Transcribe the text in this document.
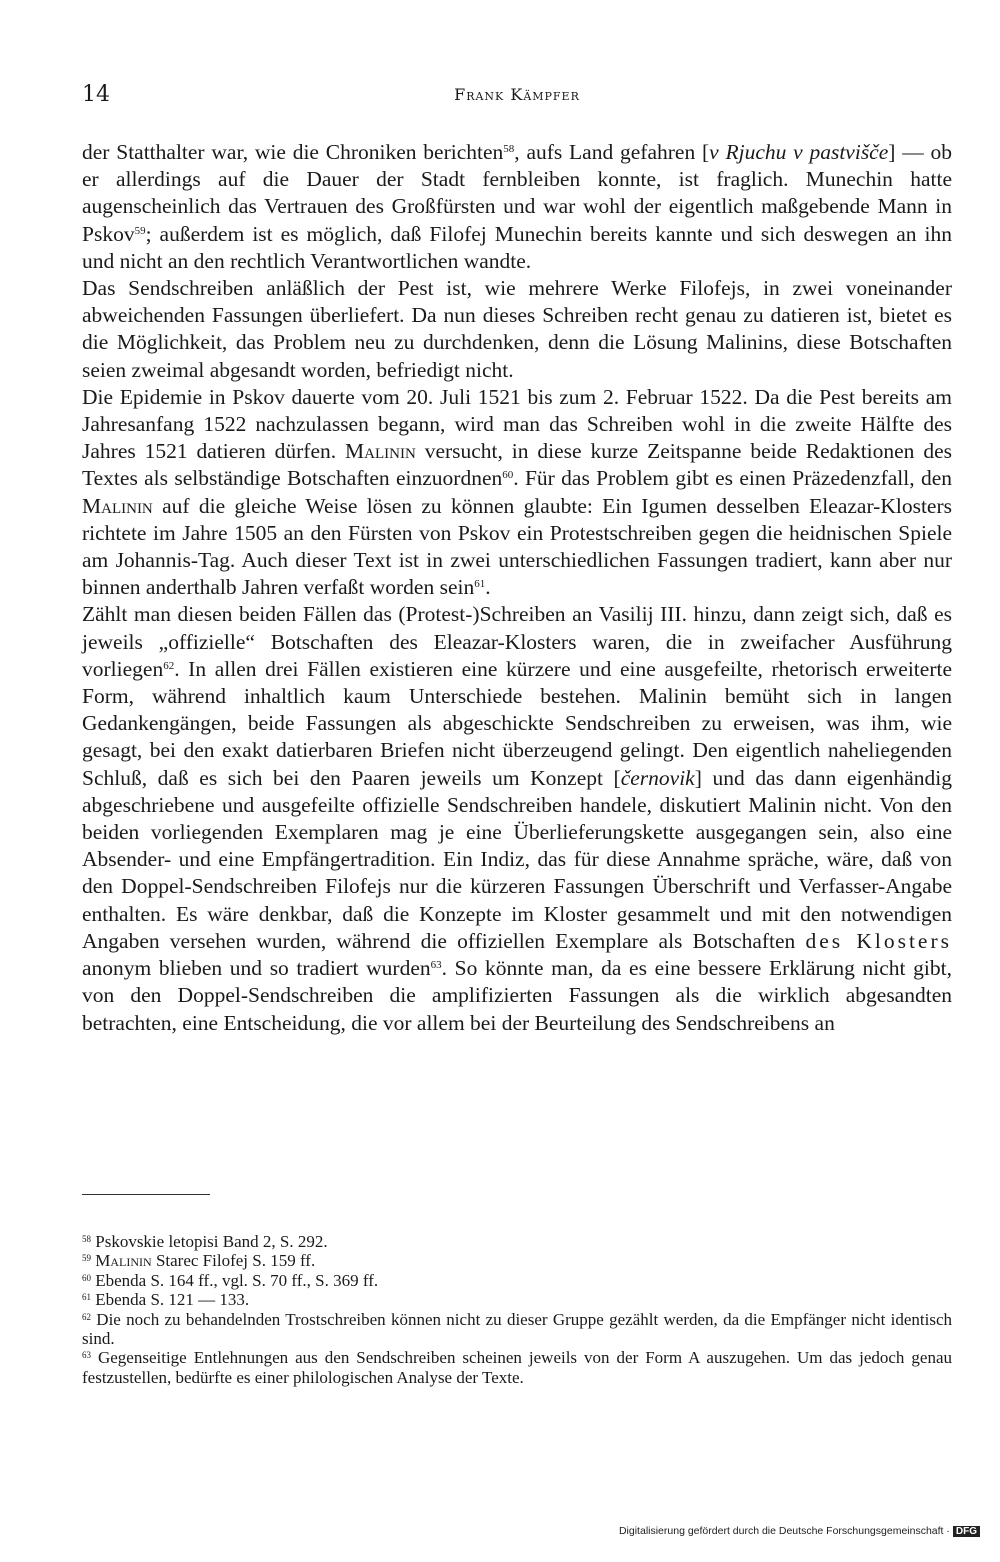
14	Frank Kämpfer

der Statthalter war, wie die Chroniken berichten$^{58}$, aufs Land gefahren [v Rjuchu v pastvišče] — ob er allerdings auf die Dauer der Stadt fernbleiben konnte, ist fraglich. Munechin hatte augenscheinlich das Vertrauen des Großfürsten und war wohl der eigentlich maßgebende Mann in Pskov$^{59}$; außerdem ist es möglich, daß Filofej Munechin bereits kannte und sich deswegen an ihn und nicht an den rechtlich Verantwortlichen wandte.

Das Sendschreiben anläßlich der Pest ist, wie mehrere Werke Filofejs, in zwei voneinander abweichenden Fassungen überliefert. Da nun dieses Schreiben recht genau zu datieren ist, bietet es die Möglichkeit, das Problem neu zu durchdenken, denn die Lösung Malinins, diese Botschaften seien zweimal abgesandt worden, befriedigt nicht.

Die Epidemie in Pskov dauerte vom 20. Juli 1521 bis zum 2. Februar 1522. Da die Pest bereits am Jahresanfang 1522 nachzulassen begann, wird man das Schreiben wohl in die zweite Hälfte des Jahres 1521 datieren dürfen. Malinin versucht, in diese kurze Zeitspanne beide Redaktionen des Textes als selbständige Botschaften einzuordnen$^{60}$. Für das Problem gibt es einen Präzedenzfall, den Malinin auf die gleiche Weise lösen zu können glaubte: Ein Igumen desselben Eleazar-Klosters richtete im Jahre 1505 an den Fürsten von Pskov ein Protestschreiben gegen die heidnischen Spiele am Johannis-Tag. Auch dieser Text ist in zwei unterschiedlichen Fassungen tradiert, kann aber nur binnen anderthalb Jahren verfaßt worden sein$^{61}$.

Zählt man diesen beiden Fällen das (Protest-)Schreiben an Vasilij III. hinzu, dann zeigt sich, daß es jeweils „offizielle“ Botschaften des Eleazar-Klosters waren, die in zweifacher Ausführung vorliegen$^{62}$. In allen drei Fällen existieren eine kürzere und eine ausgefeilte, rhetorisch erweiterte Form, während inhaltlich kaum Unterschiede bestehen. Malinin bemüht sich in langen Gedankengängen, beide Fassungen als abgeschickte Sendschreiben zu erweisen, was ihm, wie gesagt, bei den exakt datierbaren Briefen nicht überzeugend gelingt. Den eigentlich naheliegenden Schluß, daß es sich bei den Paaren jeweils um Konzept [černovik] und das dann eigenhändig abgeschriebene und ausgefeilte offizielle Sendschreiben handele, diskutiert Malinin nicht. Von den beiden vorliegenden Exemplaren mag je eine Überlieferungskette ausgegangen sein, also eine Absender- und eine Empfängertradition. Ein Indiz, das für diese Annahme spräche, wäre, daß von den Doppel-Sendschreiben Filofejs nur die kürzeren Fassungen Überschrift und Verfasser-Angabe enthalten. Es wäre denkbar, daß die Konzepte im Kloster gesammelt und mit den notwendigen Angaben versehen wurden, während die offiziellen Exemplare als Botschaften des Klosters anonym blieben und so tradiert wurden$^{63}$. So könnte man, da es eine bessere Erklärung nicht gibt, von den Doppel-Sendschreiben die amplifizierten Fassungen als die wirklich abgesandten betrachten, eine Entscheidung, die vor allem bei der Beurteilung des Sendschreibens an

$^{58}$ Pskovskie letopisi Band 2, S. 292.

$^{59}$ Malinin Starec Filofej S. 159 ff.

$^{60}$ Ebenda S. 164 ff., vgl. S. 70 ff., S. 369 ff.

$^{61}$ Ebenda S. 121 — 133.

$^{62}$ Die noch zu behandelnden Trostschreiben können nicht zu dieser Gruppe gezählt werden, da die Empfänger nicht identisch sind.

$^{63}$ Gegenseitige Entlehnungen aus den Sendschreiben scheinen jeweils von der Form A auszugehen. Um das jedoch genau festzustellen, bedürfte es einer philologischen Analyse der Texte.

Digitalisierung gefördert durch die Deutsche Forschungsgemeinschaft · DFG
